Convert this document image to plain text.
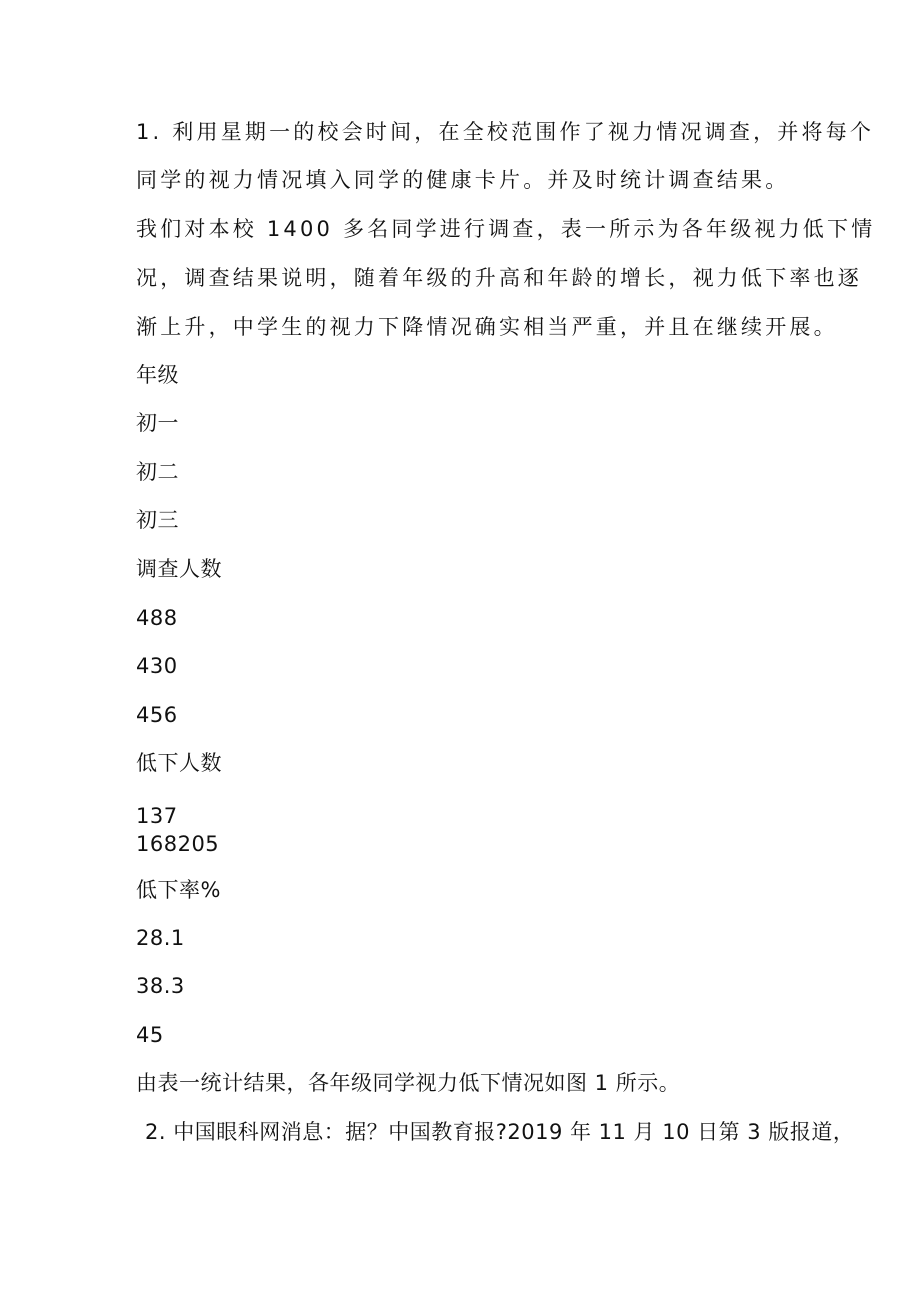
1. 利用星期一的校会时间，在全校范围作了视力情况调查，并将每个
同学的视力情况填入同学的健康卡片。并及时统计调查结果。
我们对本校 1400 多名同学进行调查，表一所示为各年级视力低下情
况，调查结果说明，随着年级的升高和年龄的增长，视力低下率也逐
渐上升，中学生的视力下降情况确实相当严重，并且在继续开展。
年级
初一
初二
初三
调查人数
488
430
456
低下人数
137
168205
低下率%
28.1
38.3
45
由表一统计结果，各年级同学视力低下情况如图 1 所示。
2. 中国眼科网消息：据？中国教育报?2019 年 11 月 10 日第 3 版报道，
